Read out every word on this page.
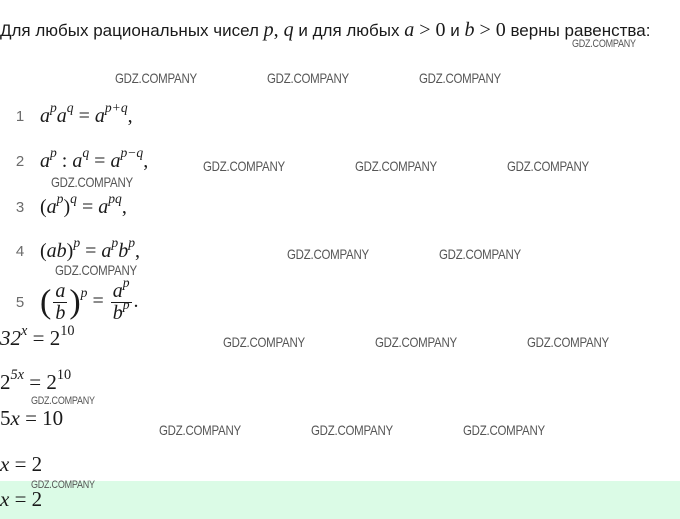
Для любых рациональных чисел p, q и для любых a > 0 и b > 0 верны равенства:
1 $a^pa^q = a^{p+q}$,
2 $a^p$ : $a^q = a^{p-q}$,
3 $(a^p)^q = a^{pq}$,
4 $(ab)^p = a^pb^p$,
5 ( $\frac{a}{b} )^p = \frac{a^p}{b^p}$ .
$32^x = 2^{10}$
$2^{5x} = 2^{10}$
5x = 10
x = 2
x = 2
GDZ.COMPANY
GDZ.COMPANY	GDZ.COMPANY	GDZ.COMPANY
GDZ.COMPANY	GDZ.COMPANY	GDZ.COMPANY
GDZ.COMPANY
GDZ.COMPANY	GDZ.COMPANY
GDZ.COMPANY
GDZ.COMPANY	GDZ.COMPANY	GDZ.COMPANY
GDZ.COMPANY
GDZ.COMPANY	GDZ.COMPANY	GDZ.COMPANY
GDZ.COMPANY
